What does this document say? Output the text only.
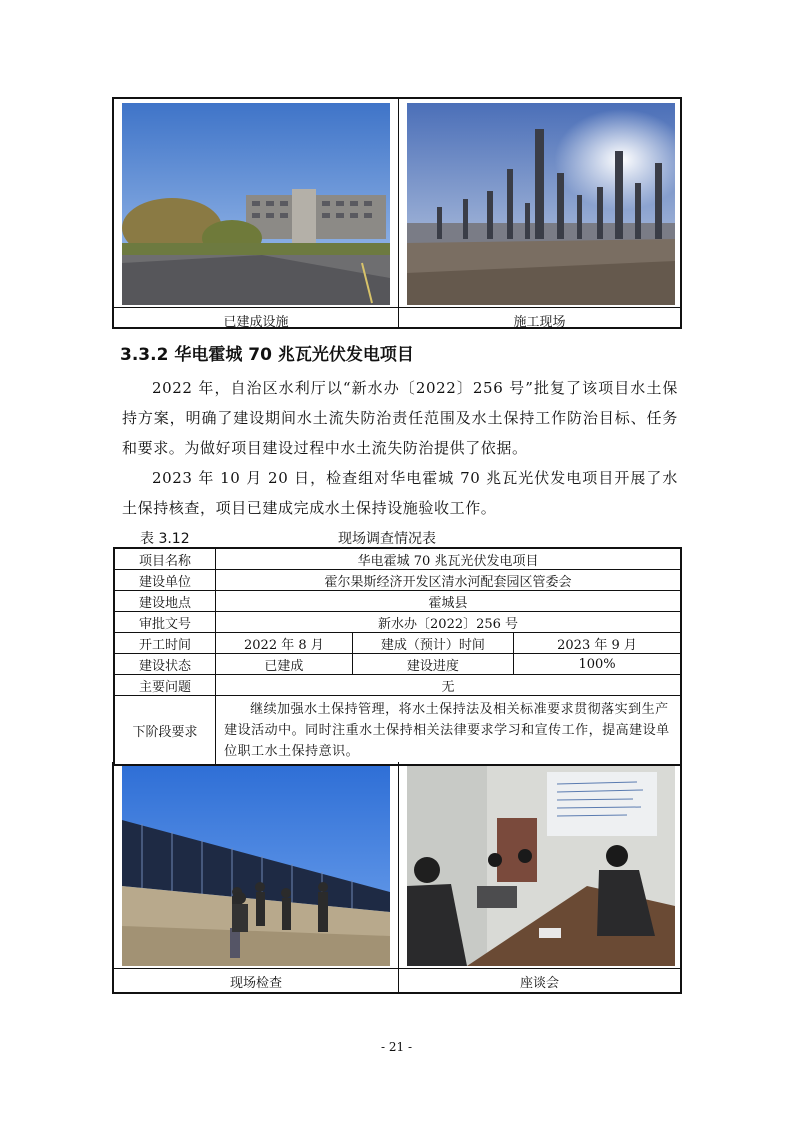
已建成设施	施工现场
3.3.2 华电霍城 70 兆瓦光伏发电项目
2022 年，自治区水利厅以“新水办〔2022〕256 号”批复了该项目水土保持方案，明确了建设期间水土流失防治责任范围及水土保持工作防治目标、任务和要求。为做好项目建设过程中水土流失防治提供了依据。
2023 年 10 月 20 日，检查组对华电霍城 70 兆瓦光伏发电项目开展了水土保持核查，项目已建成完成水土保持设施验收工作。
表 3.12	现场调查情况表
项目名称	华电霍城 70 兆瓦光伏发电项目		
建设单位	霍尔果斯经济开发区清水河配套园区管委会		
建设地点	霍城县		
审批文号	新水办〔2022〕256 号		
开工时间	2022 年 8 月	建成（预计）时间	2023 年 9 月
建设状态	已建成	建设进度	100%
主要问题	无		
下阶段要求	继续加强水土保持管理，将水土保持法及相关标准要求贯彻落实到生产建设活动中。同时注重水土保持相关法律要求学习和宣传工作，提高建设单位职工水土保持意识。		
现场检查	座谈会
- 21 -
